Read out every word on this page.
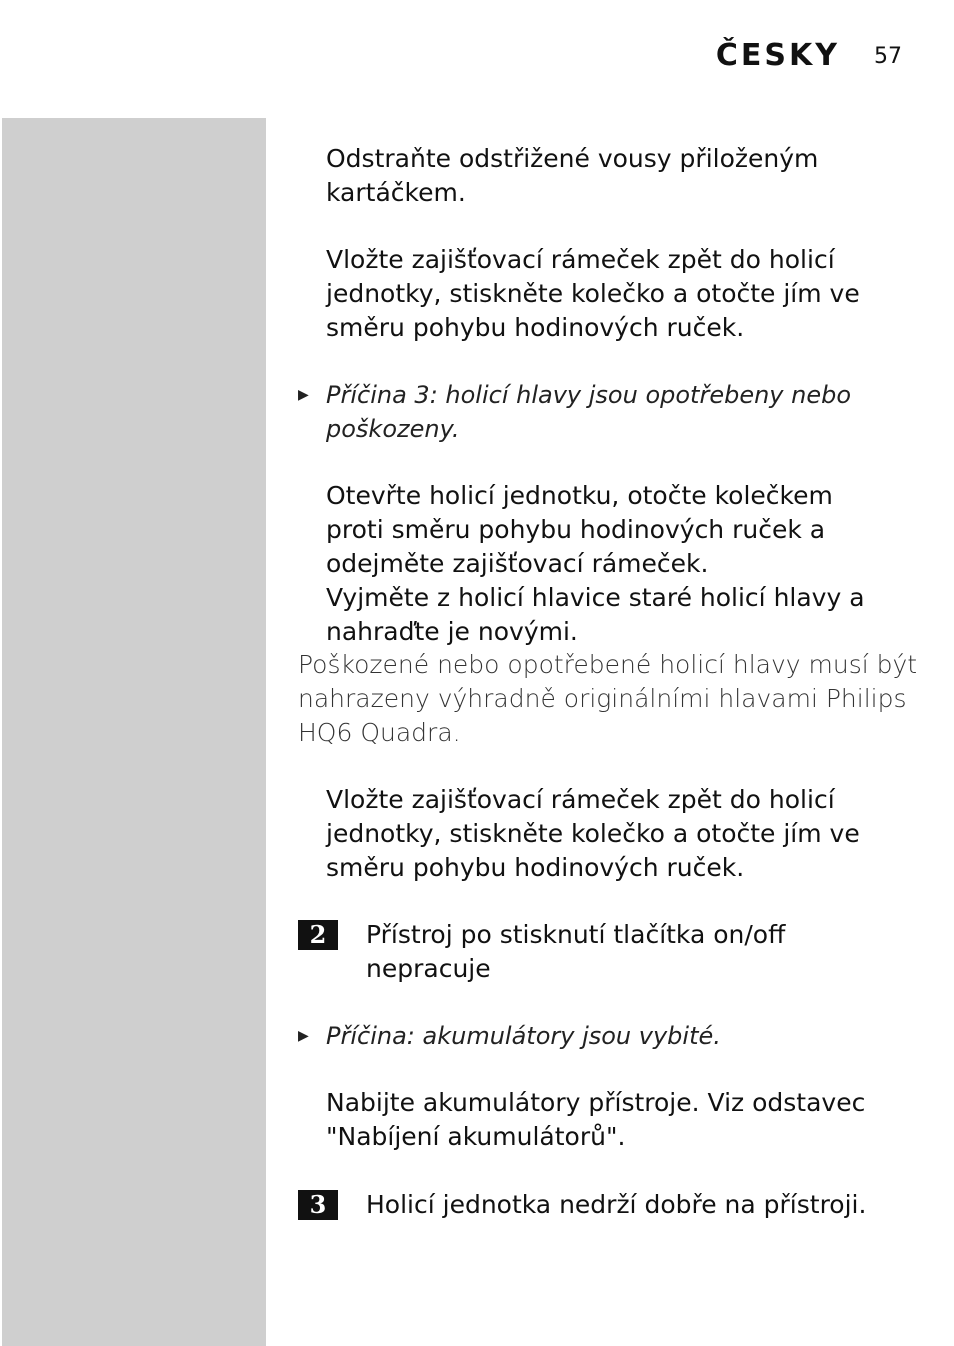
ČESKY	57

Odstraňte odstřižené vousy přiloženým
kartáčkem.

Vložte zajišťovací rámeček zpět do holicí
jednotky, stiskněte kolečko a otočte jím ve
směru pohybu hodinových ruček.

▶ Příčina 3: holicí hlavy jsou opotřebeny nebo
poškozeny.

Otevřte holicí jednotku, otočte kolečkem
proti směru pohybu hodinových ruček a
odejměte zajišťovací rámeček.
Vyjměte z holicí hlavice staré holicí hlavy a
nahraďte je novými.

Poškozené nebo opotřebené holicí hlavy musí být
nahrazeny výhradně originálními hlavami Philips
HQ6 Quadra.

Vložte zajišťovací rámeček zpět do holicí
jednotky, stiskněte kolečko a otočte jím ve
směru pohybu hodinových ruček.

2	Přístroj po stisknutí tlačítka on/off
nepracuje
▶ Příčina: akumulátory jsou vybité.

Nabijte akumulátory přístroje. Viz odstavec
"Nabíjení akumulátorů".

3	Holicí jednotka nedrží dobře na přístroji.
